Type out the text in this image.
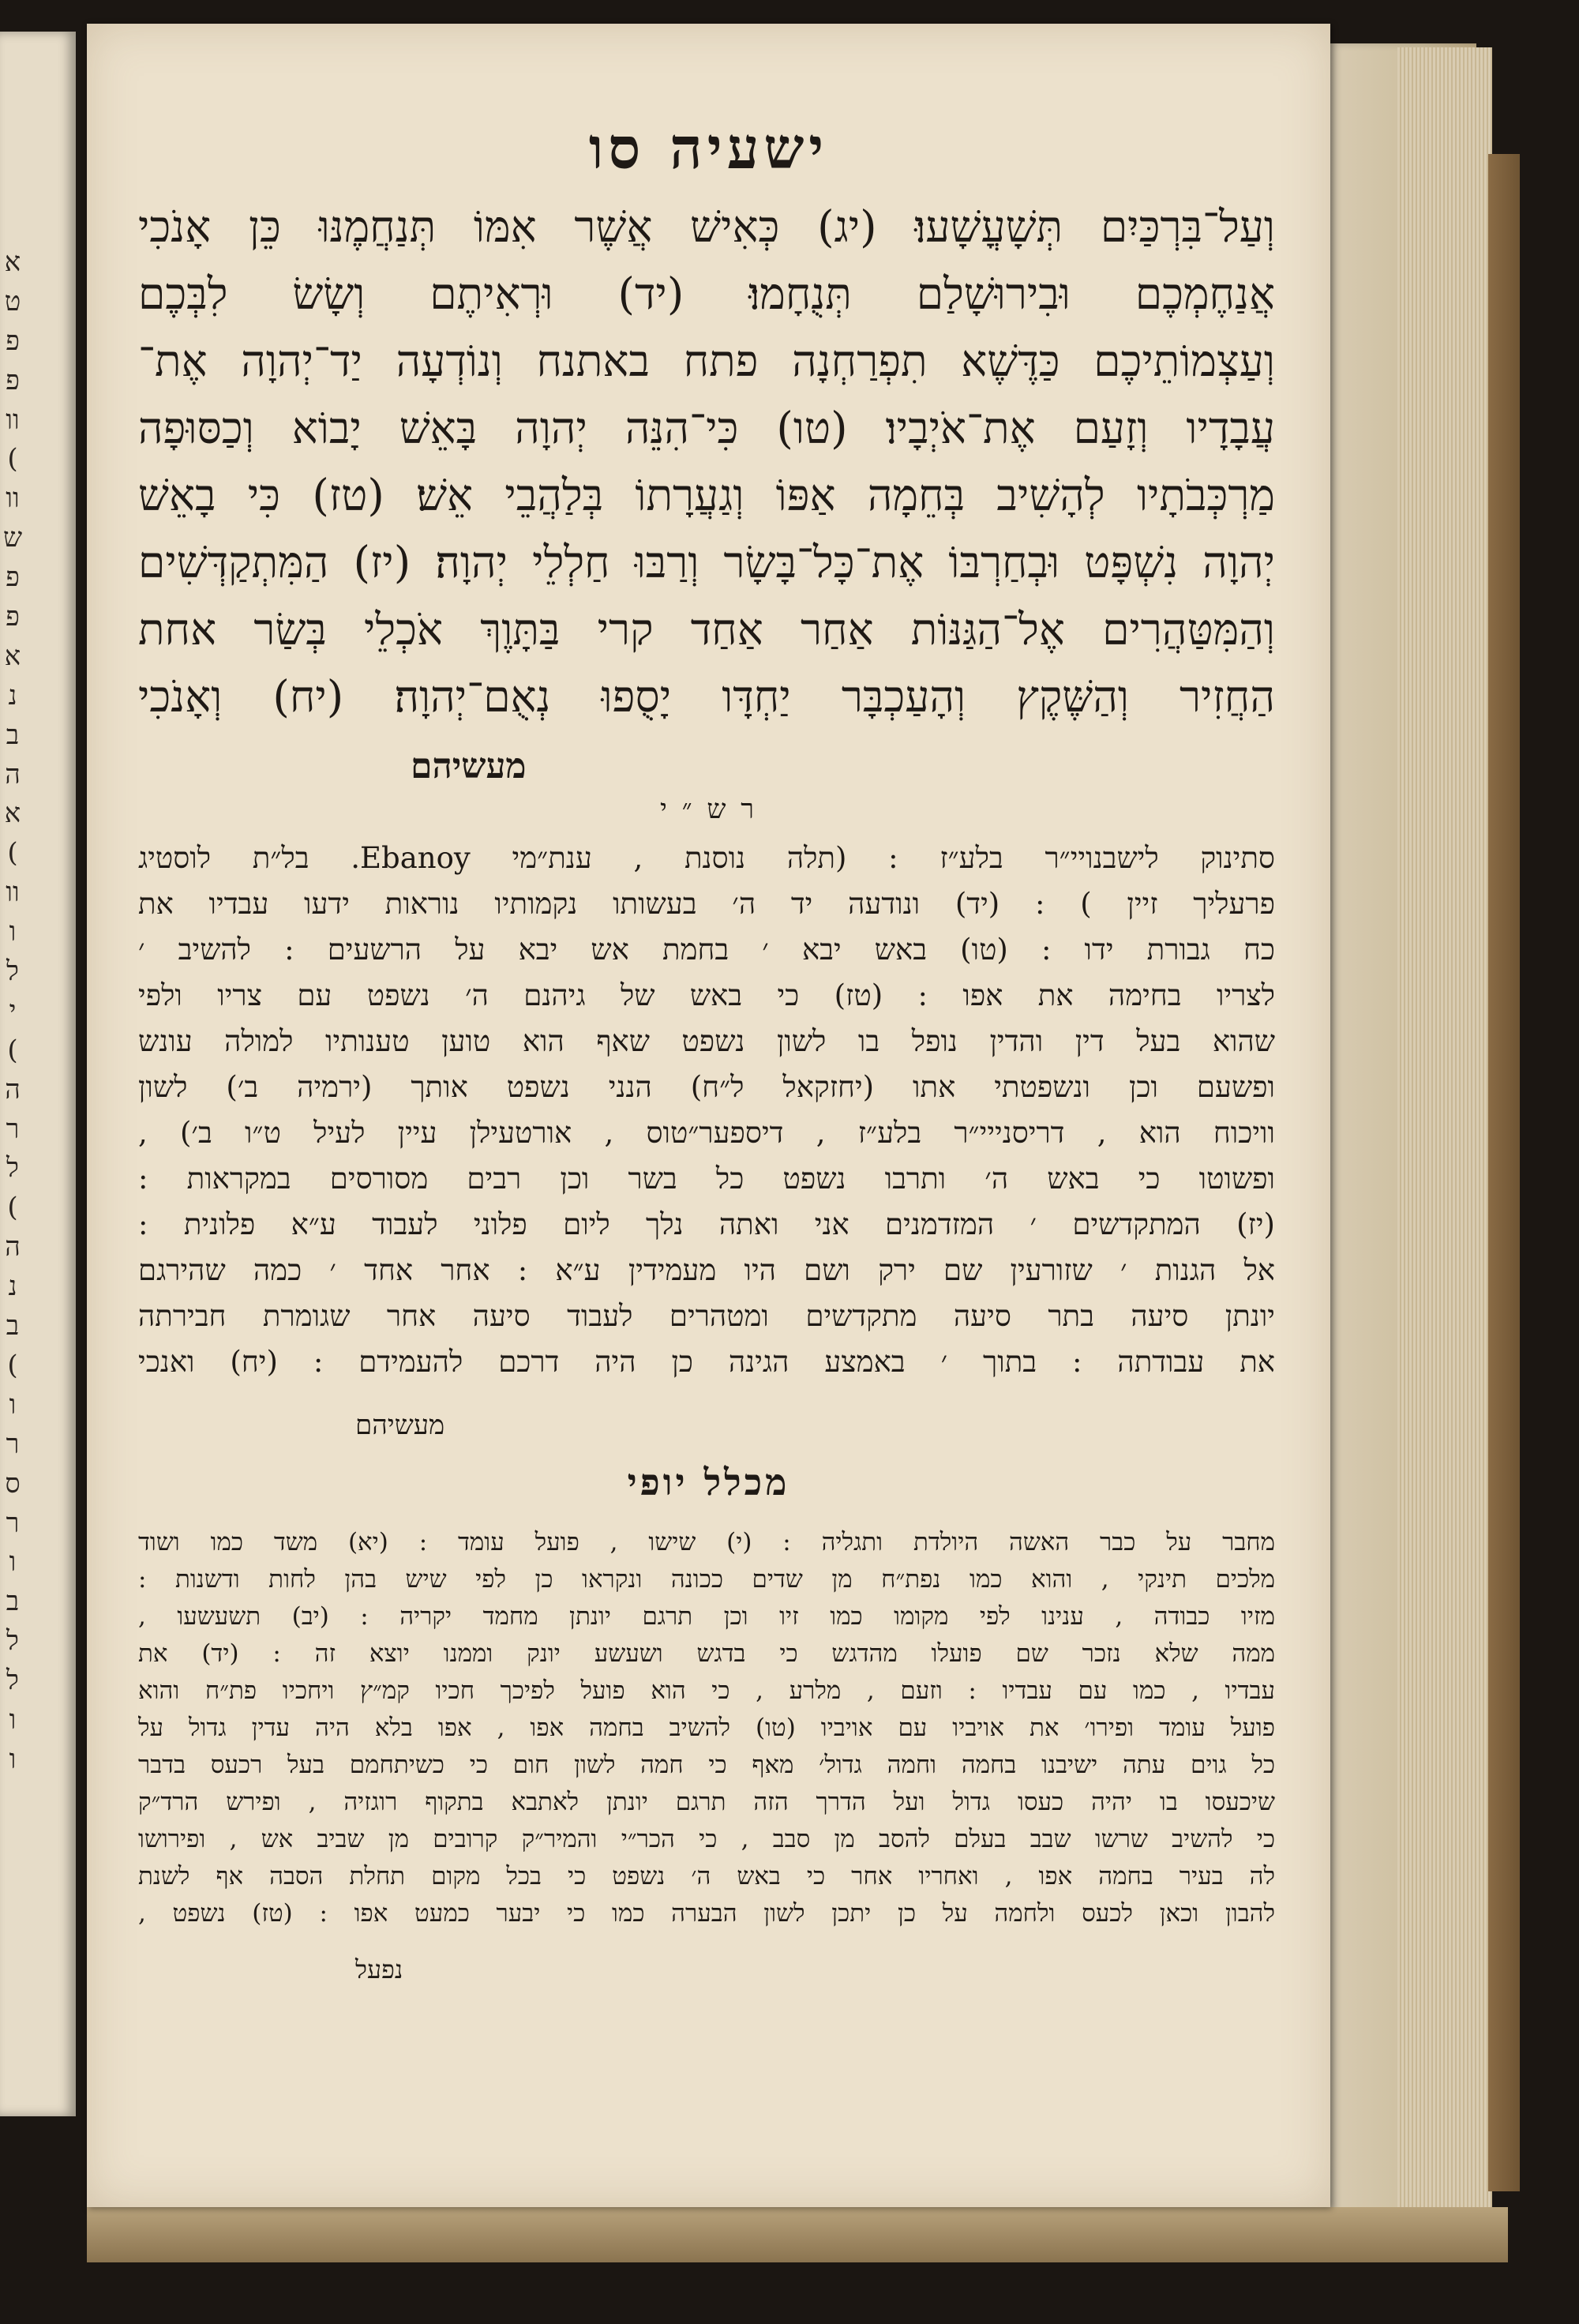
א
ט
פ
פ
וו
(
וו
ש
פ
פ
א
נ
ב
ה
א
(
וו
ו
ל
י
(
ה
ר
ל
(
ה
נ
ב
(
ו
ר
ס
ר
ו
ב
ל
ל
ו
ו
ישעיה סו
וְעַל־בִּרְכַּיִם תְּשָׁעֳשָׁעוּ׃ (יג) כְּאִישׁ אֲשֶׁר אִמּוֹ תְּנַחֲמֶנּוּ כֵּן אָנֹכִי
אֲנַחֶמְכֶם וּבִירוּשָׁלַם תְּנֻחָמוּ׃ (יד) וּרְאִיתֶם וְשָׂשׂ לִבְּכֶם
וְעַצְמוֹתֵיכֶם כַּדֶּשֶׁא תִפְרַחְנָה פתח באתנח וְנוֹדְעָה יַד־יְהוָה אֶת־
עֲבָדָיו וְזָעַם אֶת־אֹיְבָיו׃ (טו) כִּי־הִנֵּה יְהוָה בָּאֵשׁ יָבוֹא וְכַסּוּפָה
מַרְכְּבֹתָיו לְהָשִׁיב בְּחֵמָה אַפּוֹ וְגַעֲרָתוֹ בְּלַהֲבֵי אֵשׁ׃ (טז) כִּי בָאֵשׁ
יְהוָה נִשְׁפָּט וּבְחַרְבּוֹ אֶת־כָּל־בָּשָׂר וְרַבּוּ חַלְלֵי יְהוָה׃ (יז) הַמִּתְקַדְּשִׁים
וְהַמִּטַּהֲרִים אֶל־הַגַּנּוֹת אַחַר אַחַד קרי בַּתָּוֶךְ אֹכְלֵי בְּשַׂר אחת
הַחֲזִיר וְהַשֶּׁקֶץ וְהָעַכְבָּר יַחְדָּו יָסֻפוּ נְאֻם־יְהוָה׃ (יח) וְאָנֹכִי
מעשיהם
ר ש ״ י
סתינוק לישבנויי״ר בלע״ז : (תלה נוסנת , ענת״מי Ebanoy. בל״ת לוסטיג
פרעליך זיין ) : (יד) ונודעה יד ה׳ בעשותו נקמותיו נוראות ידעו עבדיו את
כח גבורת ידו : (טו) באש יבא ׳ בחמת אש יבא על הרשעים : להשיב ׳
לצריו בחימה את אפו : (טז) כי באש של גיהנם ה׳ נשפט עם צריו ולפי
שהוא בעל דין והדין נופל בו לשון נשפט שאף הוא טוען טענותיו למולה עונש
ופשעם וכן ונשפטתי אתו (יחזקאל ל״ח) הנני נשפט אותך (ירמיה ב׳) לשון
וויכוח הוא , דריסנייי״ר בלע״ז , דיספער״טוס , אורטעילן עיין לעיל ט״ו ב׳) ,
ופשוטו כי באש ה׳ ותרבו נשפט כל בשר וכן רבים מסורסים במקראות :
(יז) המתקדשים ׳ המזדמנים אני ואתה נלך ליום פלוני לעבוד ע״א פלונית :
אל הגנות ׳ שזורעין שם ירק ושם היו מעמידין ע״א : אחר אחד ׳ כמה שהירגם
יונתן סיעה בתר סיעה מתקדשים ומטהרים לעבוד סיעה אחר שגומרת חבירתה
את עבודתה : בתוך ׳ באמצע הגינה כן היה דרכם להעמידם : (יח) ואנכי
מעשיהם
מכלל יופי
מחבר על כבר האשה היולדת ותגליה : (י) שישו , פועל עומד : (יא) משד כמו ושוד
מלכים תינקי , והוא כמו נפת״ח מן שדים ככונה ונקראו כן לפי שיש בהן לחות ודשנות :
מזיו כבודה , ענינו לפי מקומו כמו זיו וכן תרגם יונתן מחמד יקריה : (יב) תשעשעו ,
ממה שלא נזכר שם פועלו מהדגש כי בדגש ושעשע יונק וממנו יוצא זה : (יד) את
עבדיו , כמו עם עבדיו : וזעם , מלרע , כי הוא פועל לפיכך חכיו קמ״ץ ויחכיו פת״ח והוא
פועל עומד ופירו׳ את אויביו עם אויביו (טו) להשיב בחמה אפו , אפו בלא היה עדין גדול על
כל גוים עתה ישיבנו בחמה וחמה גדול׳ מאף כי חמה לשון חום כי כשיתחמם בעל רכעס בדבר
שיכעסו בו יהיה כעסו גדול ועל הדרך הזה תרגם יונתן לאתבא בתקוף רוגזיה , ופירש הרד״ק
כי להשיב שרשו שבב בעלם להסב מן סבב , כי הכר״י והמיר״ק קרובים מן שביב אש , ופירושו
לה בעיר בחמה אפו , ואחריו אחר כי באש ה׳ נשפט כי בכל מקום תחלת הסבה אף לשנת
להבון וכאן לכעס ולחמה על כן יתכן לשון הבערה כמו כי יבער כמעט אפו : (טז) נשפט ,
נפעל
